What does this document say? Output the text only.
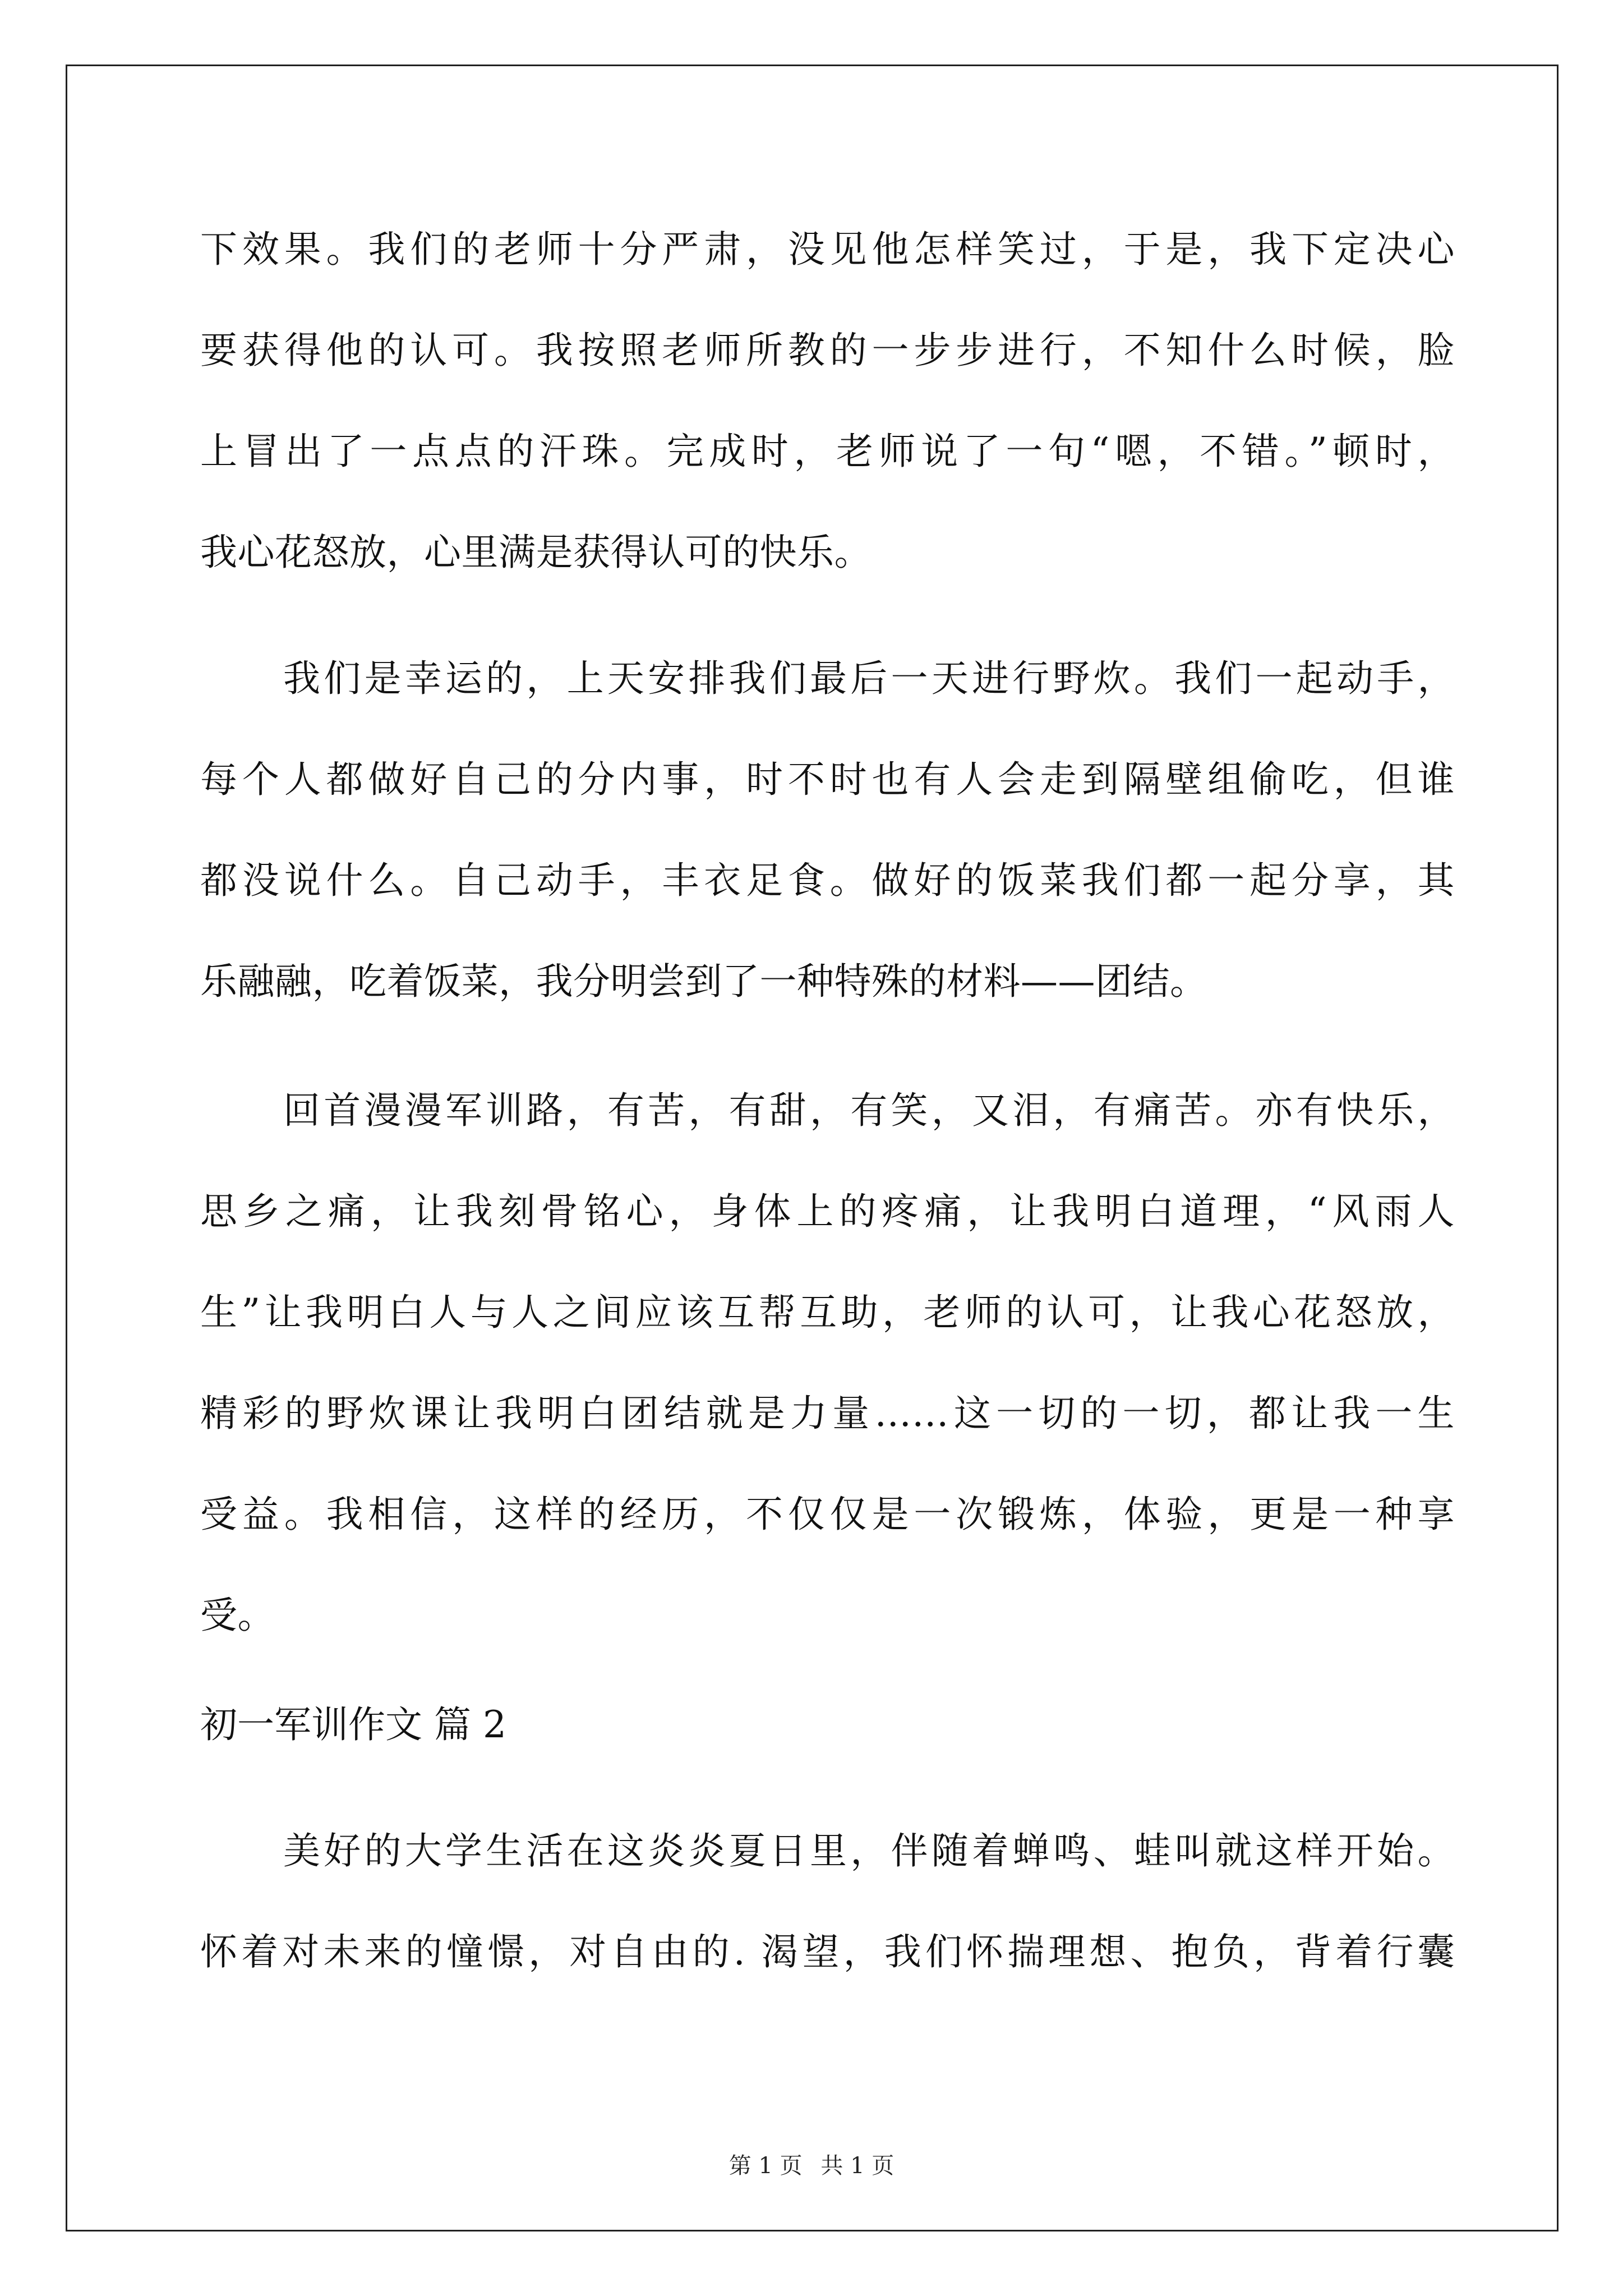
下效果。我们的老师十分严肃，没见他怎样笑过，于是，我下定决心
要获得他的认可。我按照老师所教的一步步进行，不知什么时候，脸
上冒出了一点点的汗珠。完成时，老师说了一句“嗯，不错。”顿时，
我心花怒放，心里满是获得认可的快乐。
我们是幸运的，上天安排我们最后一天进行野炊。我们一起动手，
每个人都做好自己的分内事，时不时也有人会走到隔壁组偷吃，但谁
都没说什么。自己动手，丰衣足食。做好的饭菜我们都一起分享，其
乐融融，吃着饭菜，我分明尝到了一种特殊的材料——团结。
回首漫漫军训路，有苦，有甜，有笑，又泪，有痛苦。亦有快乐，
思乡之痛，让我刻骨铭心，身体上的疼痛，让我明白道理，“风雨人
生”让我明白人与人之间应该互帮互助，老师的认可，让我心花怒放，
精彩的野炊课让我明白团结就是力量……这一切的一切，都让我一生
受益。我相信，这样的经历，不仅仅是一次锻炼，体验，更是一种享
受。
初一军训作文 篇 2
美好的大学生活在这炎炎夏日里，伴随着蝉鸣、蛙叫就这样开始。
怀着对未来的憧憬，对自由的. 渴望，我们怀揣理想、抱负，背着行囊
第 1 页 共 1 页
